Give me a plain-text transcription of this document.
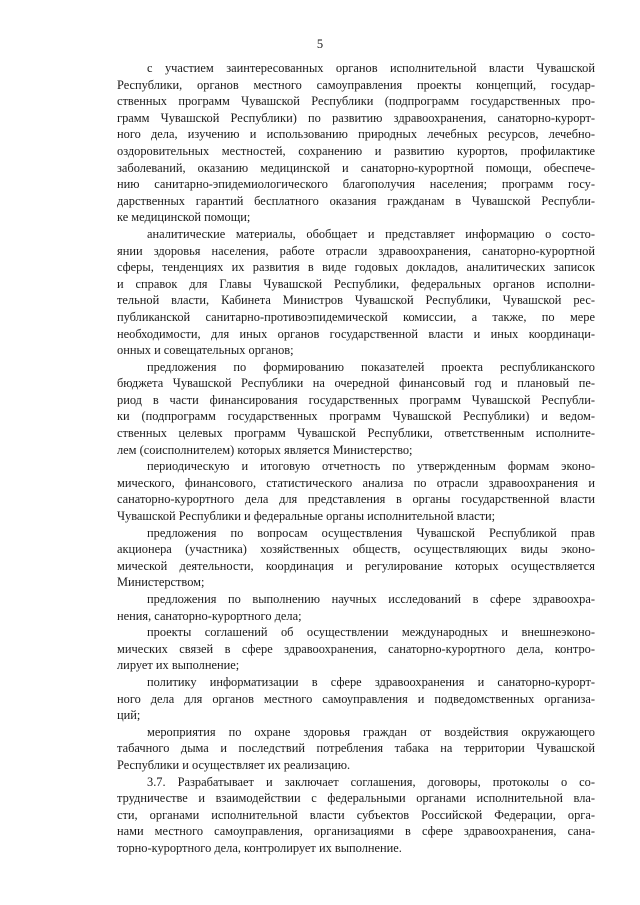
5

с участием заинтересованных органов исполнительной власти Чувашской
Республики, органов местного самоуправления проекты концепций, государ-
ственных программ Чувашской Республики (подпрограмм государственных про-
грамм Чувашской Республики) по развитию здравоохранения, санаторно-курорт-
ного дела, изучению и использованию природных лечебных ресурсов, лечебно-
оздоровительных местностей, сохранению и развитию курортов, профилактике
заболеваний, оказанию медицинской и санаторно-курортной помощи, обеспече-
нию санитарно-эпидемиологического благополучия населения; программ госу-
дарственных гарантий бесплатного оказания гражданам в Чувашской Республи-
ке медицинской помощи;

аналитические материалы, обобщает и представляет информацию о состо-
янии здоровья населения, работе отрасли здравоохранения, санаторно-курортной
сферы, тенденциях их развития в виде годовых докладов, аналитических записок
и справок для Главы Чувашской Республики, федеральных органов исполни-
тельной власти, Кабинета Министров Чувашской Республики, Чувашской рес-
публиканской санитарно-противоэпидемической комиссии, а также, по мере
необходимости, для иных органов государственной власти и иных координаци-
онных и совещательных органов;

предложения по формированию показателей проекта республиканского
бюджета Чувашской Республики на очередной финансовый год и плановый пе-
риод в части финансирования государственных программ Чувашской Республи-
ки (подпрограмм государственных программ Чувашской Республики) и ведом-
ственных целевых программ Чувашской Республики, ответственным исполните-
лем (соисполнителем) которых является Министерство;

периодическую и итоговую отчетность по утвержденным формам эконо-
мического, финансового, статистического анализа по отрасли здравоохранения и
санаторно-курортного дела для представления в органы государственной власти
Чувашской Республики и федеральные органы исполнительной власти;

предложения по вопросам осуществления Чувашской Республикой прав
акционера (участника) хозяйственных обществ, осуществляющих виды эконо-
мической деятельности, координация и регулирование которых осуществляется
Министерством;

предложения по выполнению научных исследований в сфере здравоохра-
нения, санаторно-курортного дела;

проекты соглашений об осуществлении международных и внешнеэконо-
мических связей в сфере здравоохранения, санаторно-курортного дела, контро-
лирует их выполнение;

политику информатизации в сфере здравоохранения и санаторно-курорт-
ного дела для органов местного самоуправления и подведомственных организа-
ций;

мероприятия по охране здоровья граждан от воздействия окружающего
табачного дыма и последствий потребления табака на территории Чувашской
Республики и осуществляет их реализацию.

3.7. Разрабатывает и заключает соглашения, договоры, протоколы о со-
трудничестве и взаимодействии с федеральными органами исполнительной вла-
сти, органами исполнительной власти субъектов Российской Федерации, орга-
нами местного самоуправления, организациями в сфере здравоохранения, сана-
торно-курортного дела, контролирует их выполнение.
